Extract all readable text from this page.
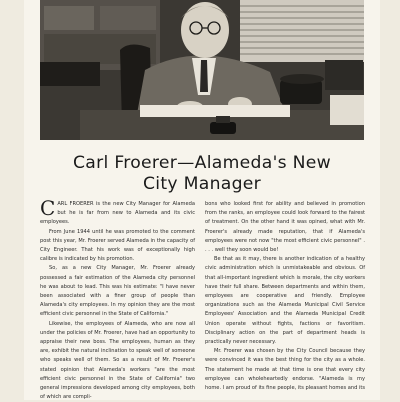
Carl Froerer—Alameda's New
City Manager

CARL FROERER is the new City Manager for Alameda but he is far from new to Alameda and its civic employees.

From June 1944 until he was promoted to the comment post this year, Mr. Froerer served Alameda in the capacity of City Engineer. That his work was of exceptionally high calibre is indicated by his promotion.

So, as a new City Manager, Mr. Froerer already possessed a fair estimation of the Alameda city personnel he was about to lead. This was his estimate: "I have never been associated with a finer group of people than Alameda's city employees. In my opinion they are the most efficient civic personnel in the State of California."

Likewise, the employees of Alameda, who are now all under the policies of Mr. Froerer, have had an opportunity to appraise their new boss. The employees, human as they are, exhibit the natural inclination to speak well of someone who speaks well of them. So as a result of Mr. Froerer's stated opinion that Alameda's workers "are the most efficient civic personnel in the State of California" two general impressions developed among city employees, both of which are compli-

bons who looked first for ability and believed in promotion from the ranks, an employee could look forward to the fairest of treatment. On the other hand it was opined, what with Mr. Froerer's already made reputation, that if Alameda's employees were not now "the most efficient civic personnel" . . . . well they soon would be!

Be that as it may, there is another indication of a healthy civic administration which is unmistakeable and obvious. Of that all-important ingredient which is morale, the city workers have their full share. Between departments and within them, employees are cooperative and friendly. Employee organizations such as the Alameda Municipal Civil Service Employees' Association and the Alameda Municipal Credit Union operate without fights, factions or favoritism. Disciplinary action on the part of department heads is practically never necessary.

Mr. Froerer was chosen by the City Council because they were convinced it was the best thing for the city as a whole. The statement he made at that time is one that every city employee can wholeheartedly endorse. "Alameda is my home. I am proud of its fine people, its pleasant homes and its
